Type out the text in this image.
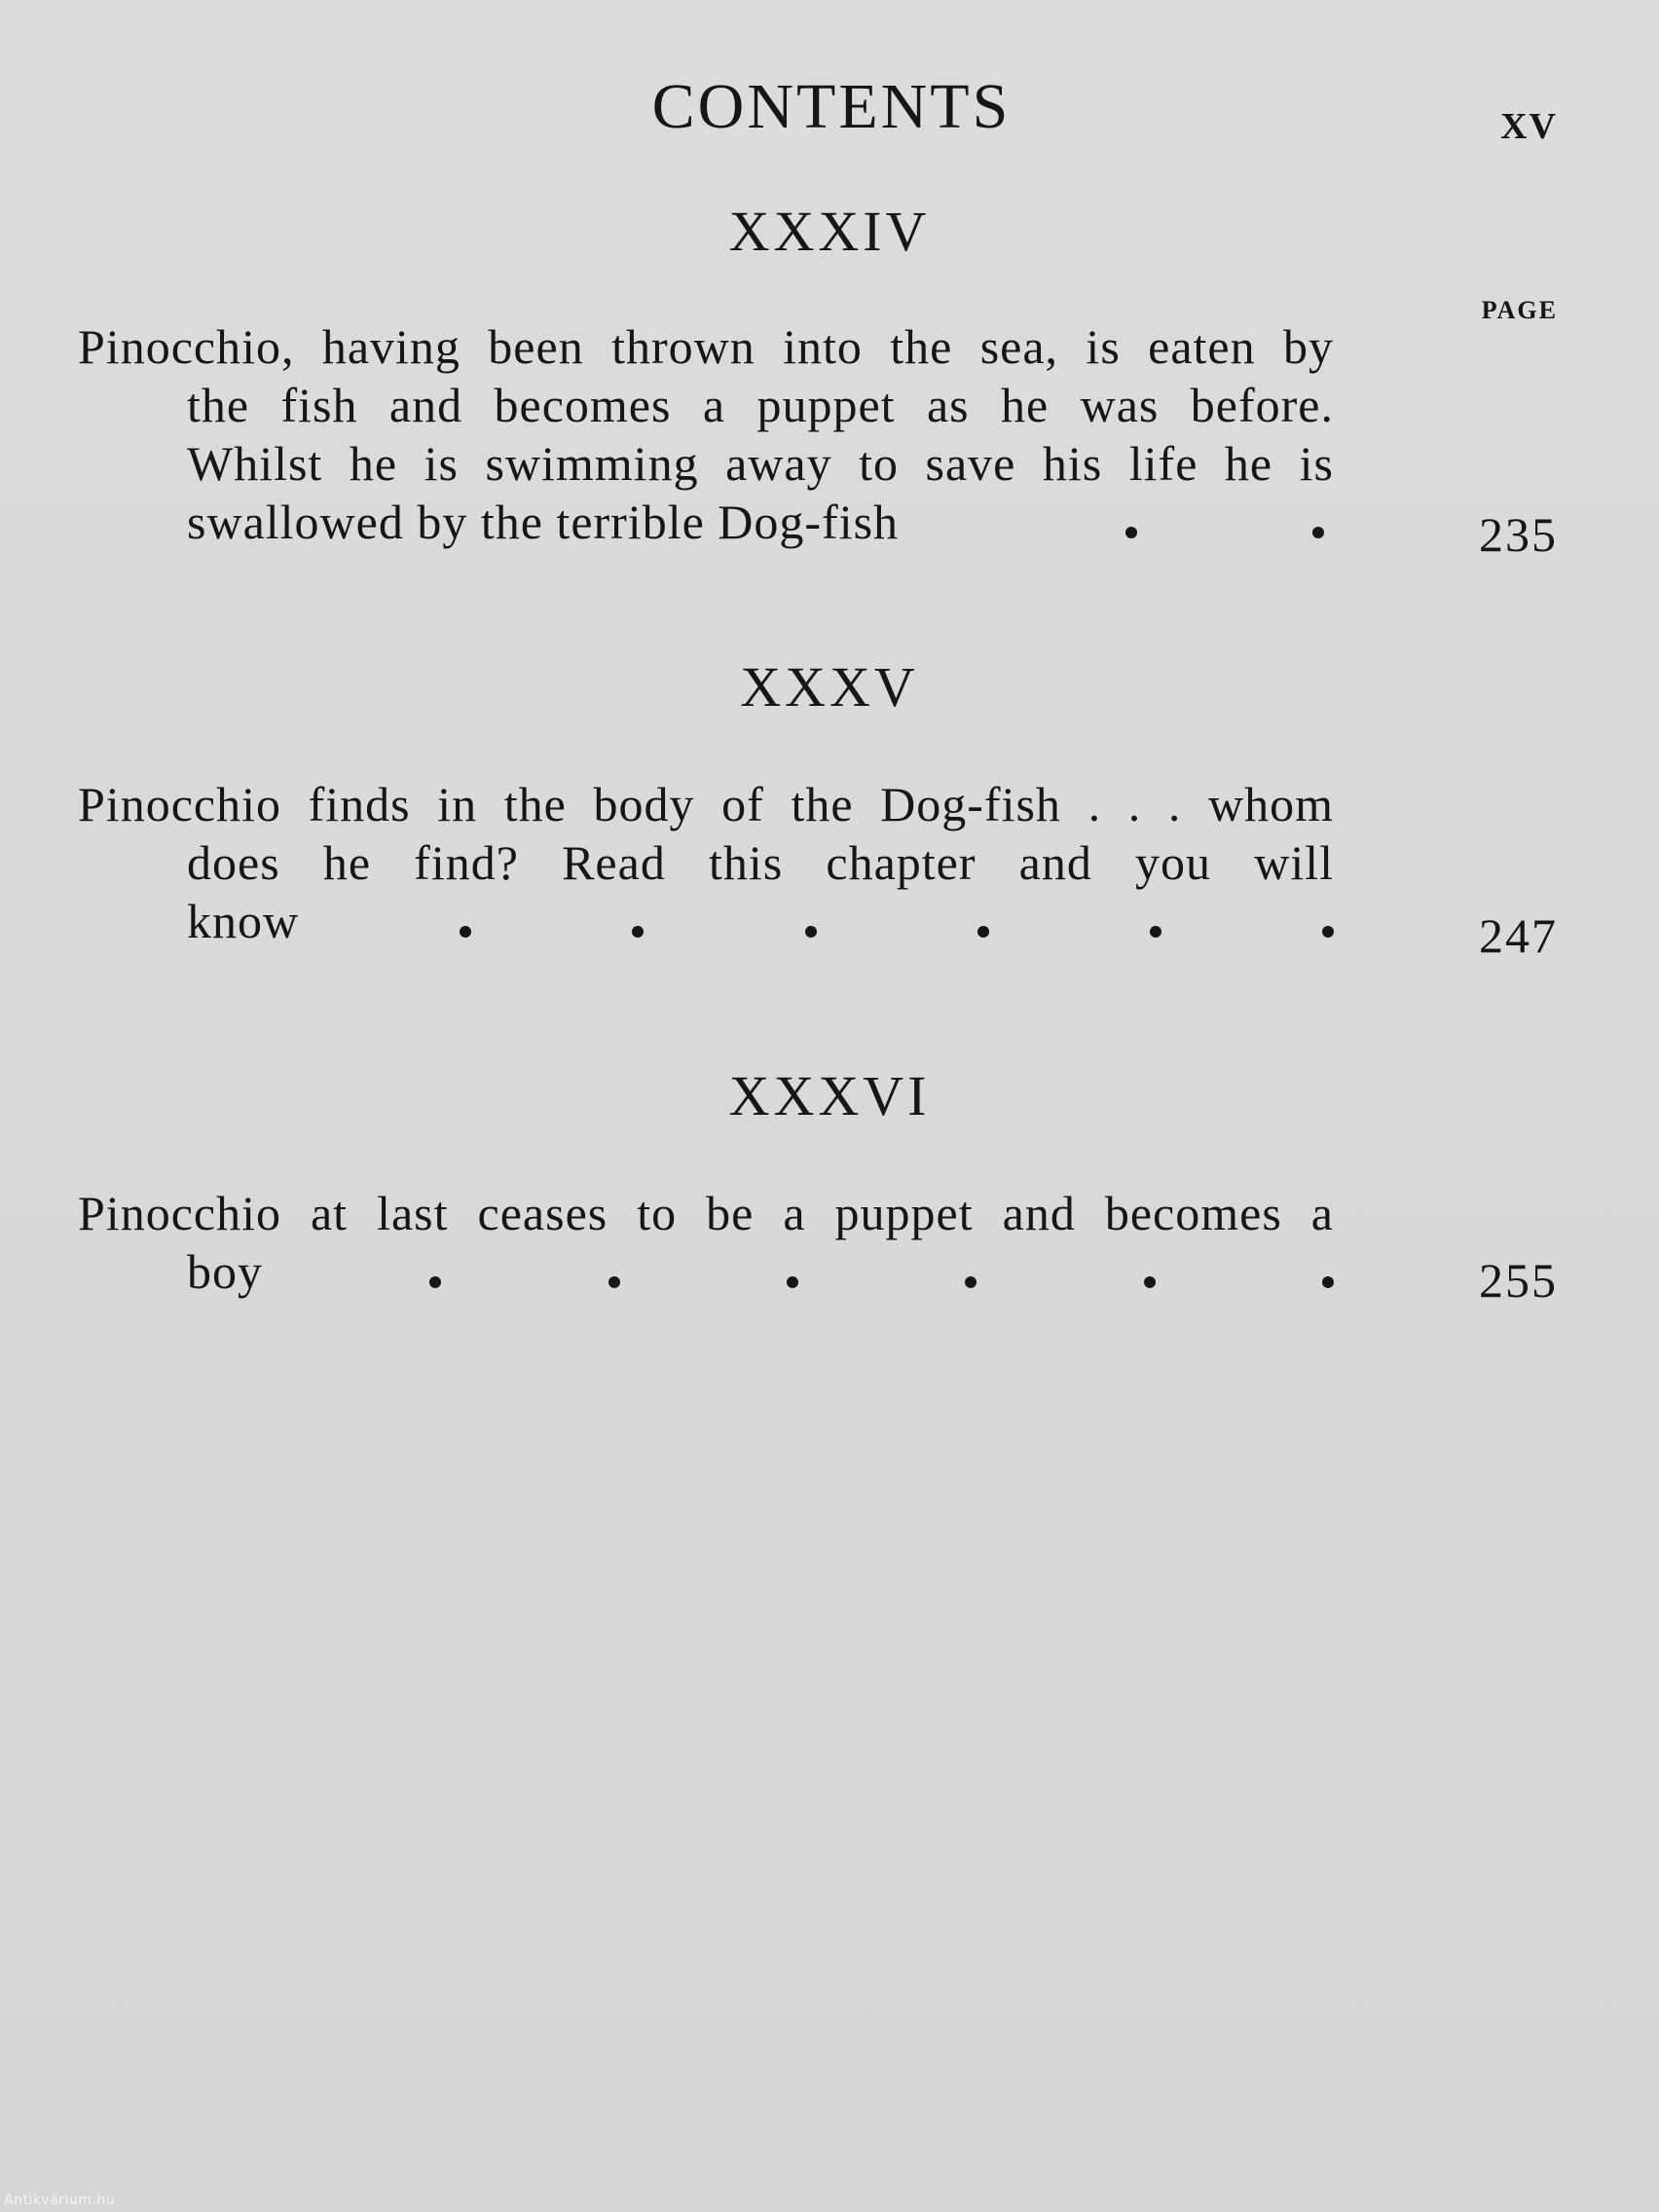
CONTENTS	XV
XXXIV
PAGE
Pinocchio, having been thrown into the sea, is eaten by
the fish and becomes a puppet as he was before.
Whilst he is swimming away to save his life he is
swallowed by the terrible Dog-fish	235
XXXV
Pinocchio finds in the body of the Dog-fish . . . whom
does he find? Read this chapter and you will
know	247
XXXVI
Pinocchio at last ceases to be a puppet and becomes a
boy	255
Antikvárium.hu
